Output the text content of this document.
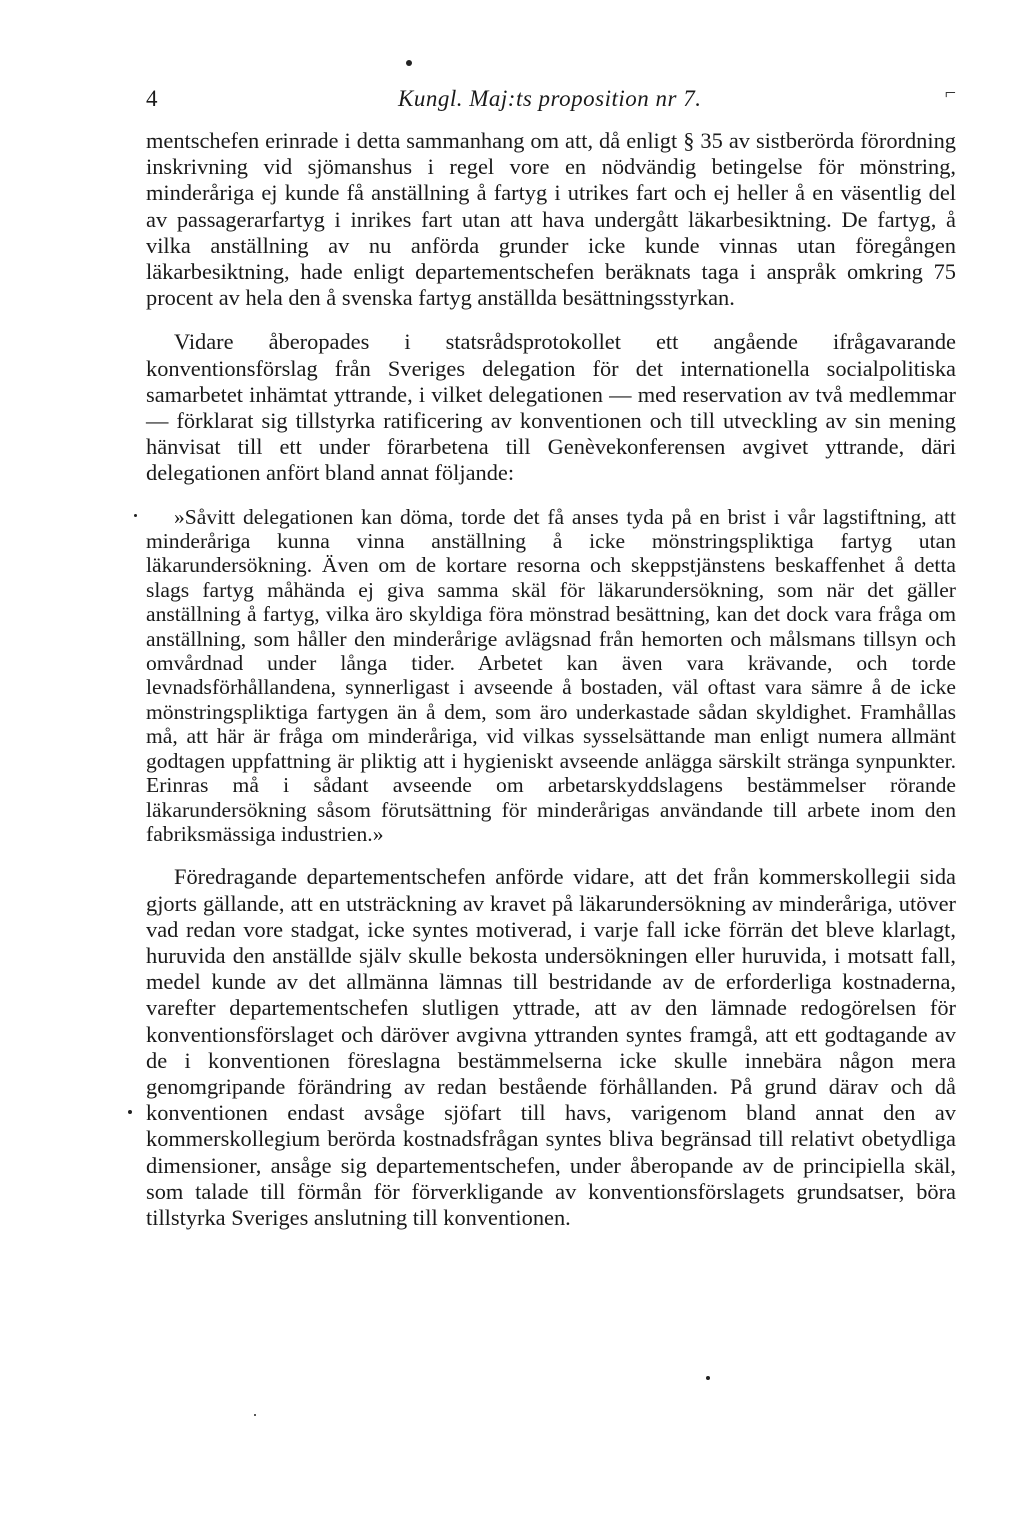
4	Kungl. Maj:ts proposition nr 7.	⌐

mentschefen erinrade i detta sammanhang om att, då enligt § 35 av sistberörda förordning inskrivning vid sjömanshus i regel vore en nödvändig betingelse för mönstring, minderåriga ej kunde få anställning å fartyg i utrikes fart och ej heller å en väsentlig del av passagerarfartyg i inrikes fart utan att hava undergått läkarbesiktning. De fartyg, å vilka anställning av nu anförda grunder icke kunde vinnas utan föregången läkarbesiktning, hade enligt departementschefen beräknats taga i anspråk omkring 75 procent av hela den å svenska fartyg anställda besättningsstyrkan.

Vidare åberopades i statsrådsprotokollet ett angående ifrågavarande konventionsförslag från Sveriges delegation för det internationella socialpolitiska samarbetet inhämtat yttrande, i vilket delegationen — med reservation av två medlemmar — förklarat sig tillstyrka ratificering av konventionen och till utveckling av sin mening hänvisat till ett under förarbetena till Genèvekonferensen avgivet yttrande, däri delegationen anfört bland annat följande:

»Såvitt delegationen kan döma, torde det få anses tyda på en brist i vår lagstiftning, att minderåriga kunna vinna anställning å icke mönstringspliktiga fartyg utan läkarundersökning. Även om de kortare resorna och skeppstjänstens beskaffenhet å detta slags fartyg måhända ej giva samma skäl för läkarundersökning, som när det gäller anställning å fartyg, vilka äro skyldiga föra mönstrad besättning, kan det dock vara fråga om anställning, som håller den minderårige avlägsnad från hemorten och målsmans tillsyn och omvårdnad under långa tider. Arbetet kan även vara krävande, och torde levnadsförhållandena, synnerligast i avseende å bostaden, väl oftast vara sämre å de icke mönstringspliktiga fartygen än å dem, som äro underkastade sådan skyldighet. Framhållas må, att här är fråga om minderåriga, vid vilkas sysselsättande man enligt numera allmänt godtagen uppfattning är pliktig att i hygieniskt avseende anlägga särskilt stränga synpunkter. Erinras må i sådant avseende om arbetarskyddslagens bestämmelser rörande läkarundersökning såsom förutsättning för minderårigas användande till arbete inom den fabriksmässiga industrien.»

Föredragande departementschefen anförde vidare, att det från kommerskollegii sida gjorts gällande, att en utsträckning av kravet på läkarundersökning av minderåriga, utöver vad redan vore stadgat, icke syntes motiverad, i varje fall icke förrän det bleve klarlagt, huruvida den anställde själv skulle bekosta undersökningen eller huruvida, i motsatt fall, medel kunde av det allmänna lämnas till bestridande av de erforderliga kostnaderna, varefter departementschefen slutligen yttrade, att av den lämnade redogörelsen för konventionsförslaget och däröver avgivna yttranden syntes framgå, att ett godtagande av de i konventionen föreslagna bestämmelserna icke skulle innebära någon mera genomgripande förändring av redan bestående förhållanden. På grund därav och då konventionen endast avsåge sjöfart till havs, varigenom bland annat den av kommerskollegium berörda kostnadsfrågan syntes bliva begränsad till relativt obetydliga dimensioner, ansåge sig departementschefen, under åberopande av de principiella skäl, som talade till förmån för förverkligande av konventionsförslagets grundsatser, böra tillstyrka Sveriges anslutning till konventionen.
